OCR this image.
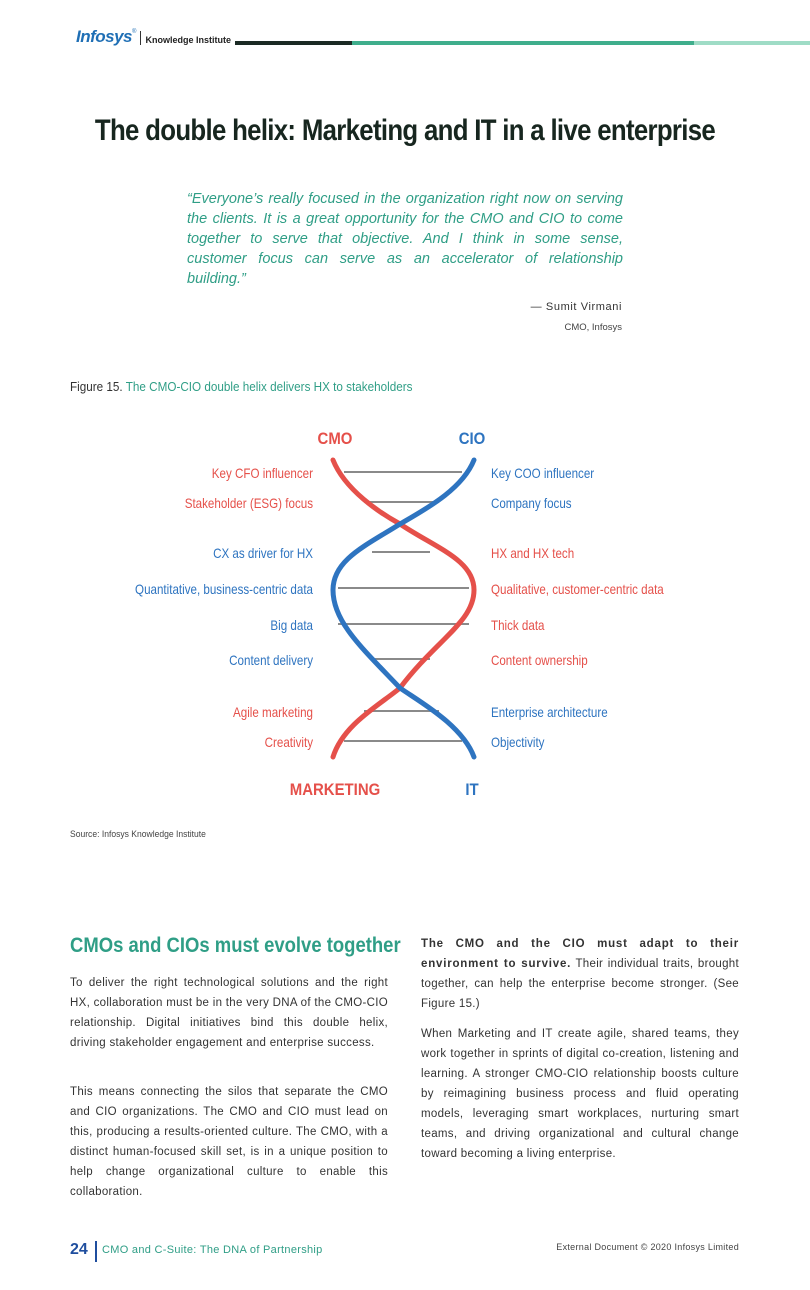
Infosys®
Knowledge Institute
The double helix: Marketing and IT in a live enterprise

“Everyone’s really focused in the organization right now on serving the clients. It is a great opportunity for the CMO and CIO to come together to serve that objective. And I think in some sense, customer focus can serve as an accelerator of relationship building.”

— Sumit Virmani
CMO, Infosys
Figure 15. The CMO-CIO double helix delivers HX to stakeholders
CMO	CIO
MARKETING	IT
Key CFO influencer
Stakeholder (ESG) focus
CX as driver for HX
Quantitative, business-centric data
Big data
Content delivery
Agile marketing
Creativity
Key COO influencer
Company focus
HX and HX tech
Qualitative, customer-centric data
Thick data
Content ownership
Enterprise architecture
Objectivity
Source: Infosys Knowledge Institute
CMOs and CIOs must evolve together

To deliver the right technological solutions and the right HX, collaboration must be in the very DNA of the CMO-CIO relationship. Digital initiatives bind this double helix, driving stakeholder engagement and enterprise success.

This means connecting the silos that separate the CMO and CIO organizations. The CMO and CIO must lead on this, producing a results-oriented culture. The CMO, with a distinct human-focused skill set, is in a unique position to help change organizational culture to enable this collaboration.

The CMO and the CIO must adapt to their environment to survive. Their individual traits, brought together, can help the enterprise become stronger. (See Figure 15.)

When Marketing and IT create agile, shared teams, they work together in sprints of digital co-creation, listening and learning. A stronger CMO-CIO relationship boosts culture by reimagining business process and fluid operating models, leveraging smart workplaces, nurturing smart teams, and driving organizational and cultural change toward becoming a living enterprise.

24 CMO and C-Suite: The DNA of Partnership	External Document © 2020 Infosys Limited
